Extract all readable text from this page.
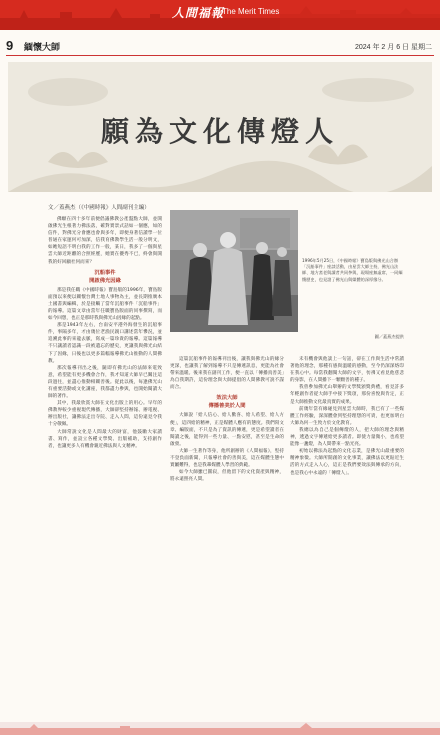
人間福報
The Merit Times
9 緬懷大師	2024 年 2 月 6 日 星期二
願為文化傳燈人
文／蓋燕杰（《中國時報》人間副刊主編）

佛願在四十多年前便倡議佛教公產盤點大師，並開啟佛光生根著力佛法落，確對實景式話如一個應，如的信件，對佛光分會應也會與多年，即便身著信讀學一位普通在家運何可加深，信我育佛教學生活一般分明文，如她短語不明白我的工作一般，某日，我多了一個與星雲大師近距離的合照經歷，她實在優秀不已，終會與開我的好回顧社何而來？

沉船事件
開啟佛光因緣

那是我任職《中國時報》寶島版的1996年，寶島版面預以來便以關懷台灣土地人事物為主，並長期推廣本土國書與編輯，於是接觸了當年沉船事件「沉船事件」的報導。這篇文章由當年任職寶島版面的同事撰寫，而如今回想，也正是那時我與佛光山因緣的起點。

那是1943年左右，台南安平港外海發生的沉船事件，事隔多年，才由幾位老漁民親口講述當年慘況，並追溯此事的來龍去脈，寫成一篇珍貴的報導。這篇報導不只讓讀者認識一段被遺忘的歷史，更讓我與佛光山結下了因緣，日後也以更多篇幅報導佛光山推動的人間佛教。

那次報導刊出之後，隨即有佛光山的法師來電致意，希望能有更多機會合作，我才知道大師早已關注這段過往，並盡心推動相關善後。從此以後，每逢佛光山有重要活動或文化講座，我都盡力參與，也開始閱讀大師的著作。

其中，我最欣賞大師在文化出版上的用心。早年的佛教界較少重視現代傳播，大師卻堅持辦報、辦電視、辦出版社，讓佛法走出寺院、走入人間，這份遠見令我十分敬佩。

大師常說文化是人間最大的財富，他鼓勵大家讀書、寫作，並設立各種文學獎、出版補助，支持創作者，也讓更多人有機會親近佛法與人文精神。

1996年5月25日，《中國時報》寶島版與佛光山合辦「沉船事件」座談活動，由星雲大師主持，佛光山法師、地方耆老與讀者共同參與，現場座無虛席，一同緬懷歷史，也見證了佛光山與媒體的深厚緣分。
圖／蓋燕杰提供

這篇沉船事件的報導刊出後，讓我與佛光山的緣分更深，也讓我了解到報導不只是傳遞訊息，更能為社會帶來溫暖。後來我在副刊工作，便一直以「傳播真善美」為自我期許，這份理念與大師提倡的人間佛教可說不謀而合。

效法大師
傳播善美於人間

大師說「給人信心、給人歡喜、給人希望、給人方便」，這四給的精神，正是媒體人應有的態度。我們寫文章、編版面，不只是為了資訊的傳遞，更是希望讀者在閱讀之後，能得到一些力量、一點安慰，甚至是生命的啟發。

大師一生著作等身，他所創辦的《人間福報》，堅持不登負面新聞，只報導社會的善與美，這在媒體生態中實屬難得，也是我輩媒體人學習的典範。

如今大師雖已圓寂，但他留下的文化資產與精神，將永遠照亮人間。

未有機會與他談上一句話，卻在工作與生活中常讀著他的理念，那種有感與溫暖的感動，至今仍深深烙印在我心中。每當我翻閱大師的文字，彷彿又看見他慈悲的身影，在人間播下一顆顆善的種子。

我曾參加佛光山舉辦的文學獎頒獎典禮，看見許多年輕創作者從大師手中接下獎項，那份喜悅與肯定，正是大師推動文化最真實的成果。

前幾年當有緣碰見到星雲大師時，我已有了一些媒體工作經驗，深深體會到堅持理想的可貴，也更加明白大師為何一生致力於文化教育。

我總以為自己是個傳燈的人，把大師的理念與精神，透過文字傳遞給更多讀者。即使力量微小，也希望能像一盞燈，為人間帶來一點光亮。

初始以佛法為起點的文化志業，是佛光山最重要的精神象徵。大師所開創的文化事業，讓佛法以更貼近生活的方式走入人心，這正是我們要效法與傳承的方向，也是我心中永遠的「傳燈人」。
